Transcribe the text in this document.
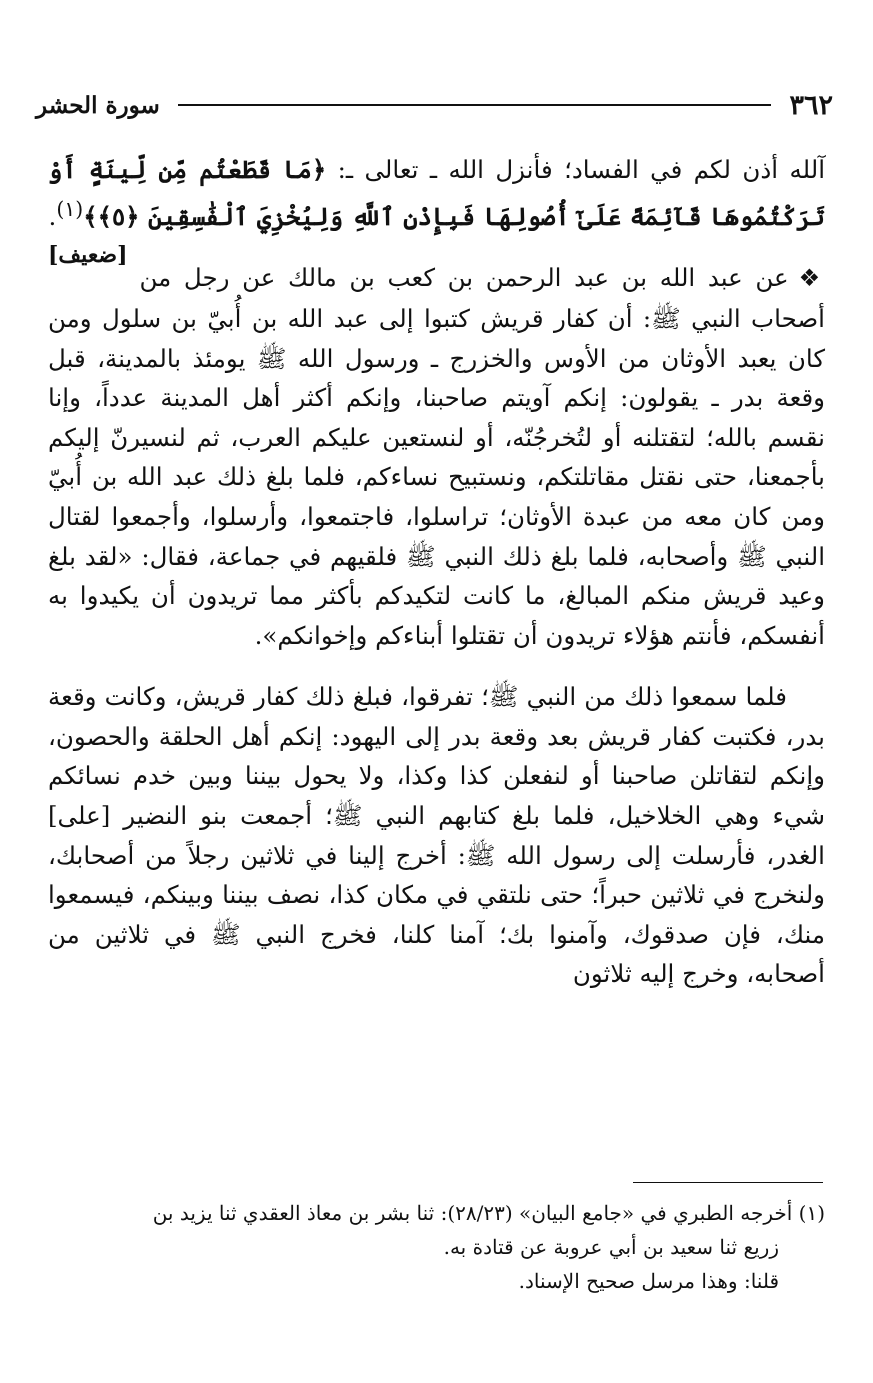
٣٦٢
سورة الحشر

آلله أذن لكم في الفساد؛ فأنزل الله ـ تعالى ـ: ﴿مَا قَطَعْتُم مِّن لِّينَةٍ أَوْ تَرَكْتُمُوهَا قَآئِمَةً عَلَىٰٓ أُصُولِهَا فَبِإِذْنِ ٱللَّهِ وَلِيُخْزِيَ ٱلْفَٰسِقِينَ ﴿٥﴾﴾$^{(١)}$.
[ضعيف]

❖عن عبد الله بن عبد الرحمن بن كعب بن مالك عن رجل من أصحاب النبي ﷺ: أن كفار قريش كتبوا إلى عبد الله بن أُبيّ بن سلول ومن كان يعبد الأوثان من الأوس والخزرج ـ ورسول الله ﷺ يومئذ بالمدينة، قبل وقعة بدر ـ يقولون: إنكم آويتم صاحبنا، وإنكم أكثر أهل المدينة عدداً، وإنا نقسم بالله؛ لتقتلنه أو لتُخرجُنّه، أو لنستعين عليكم العرب، ثم لنسيرنّ إليكم بأجمعنا، حتى نقتل مقاتلتكم، ونستبيح نساءكم، فلما بلغ ذلك عبد الله بن أُبيّ ومن كان معه من عبدة الأوثان؛ تراسلوا، فاجتمعوا، وأرسلوا، وأجمعوا لقتال النبي ﷺ وأصحابه، فلما بلغ ذلك النبي ﷺ فلقيهم في جماعة، فقال: «لقد بلغ وعيد قريش منكم المبالغ، ما كانت لتكيدكم بأكثر مما تريدون أن يكيدوا به أنفسكم، فأنتم هؤلاء تريدون أن تقتلوا أبناءكم وإخوانكم».

فلما سمعوا ذلك من النبي ﷺ؛ تفرقوا، فبلغ ذلك كفار قريش، وكانت وقعة بدر، فكتبت كفار قريش بعد وقعة بدر إلى اليهود: إنكم أهل الحلقة والحصون، وإنكم لتقاتلن صاحبنا أو لنفعلن كذا وكذا، ولا يحول بيننا وبين خدم نسائكم شيء وهي الخلاخيل، فلما بلغ كتابهم النبي ﷺ؛ أجمعت بنو النضير [على] الغدر، فأرسلت إلى رسول الله ﷺ: أخرج إلينا في ثلاثين رجلاً من أصحابك، ولنخرج في ثلاثين حبراً؛ حتى نلتقي في مكان كذا، نصف بيننا وبينكم، فيسمعوا منك، فإن صدقوك، وآمنوا بك؛ آمنا كلنا، فخرج النبي ﷺ في ثلاثين من أصحابه، وخرج إليه ثلاثون

(١) أخرجه الطبري في «جامع البيان» (٢٨/٢٣): ثنا بشر بن معاذ العقدي ثنا يزيد بن

زريع ثنا سعيد بن أبي عروبة عن قتادة به.

قلنا: وهذا مرسل صحيح الإسناد.
